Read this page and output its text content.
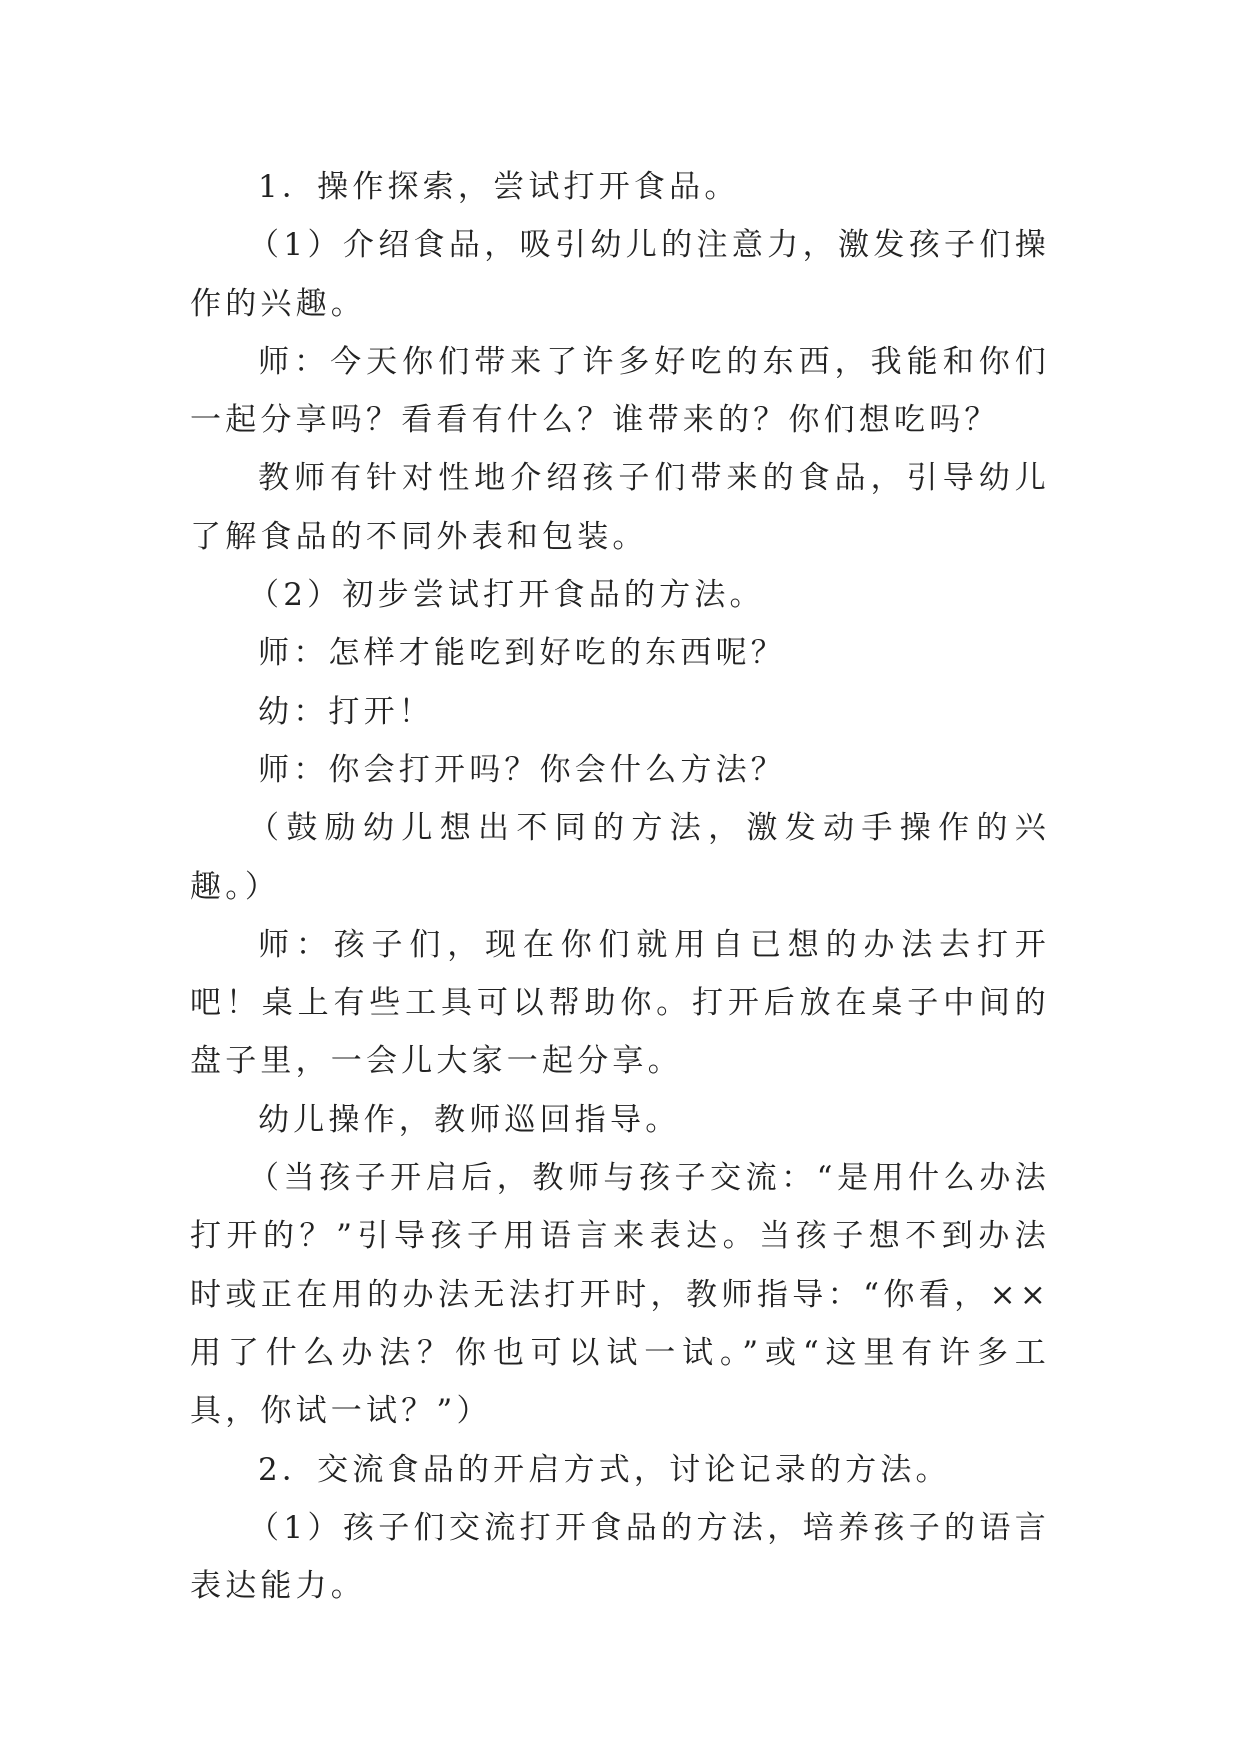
1．操作探索，尝试打开食品。

（1）介绍食品，吸引幼儿的注意力，激发孩子们操作的兴趣。

师：今天你们带来了许多好吃的东西，我能和你们一起分享吗？看看有什么？谁带来的？你们想吃吗？

教师有针对性地介绍孩子们带来的食品，引导幼儿了解食品的不同外表和包装。

（2）初步尝试打开食品的方法。

师：怎样才能吃到好吃的东西呢？

幼：打开！

师：你会打开吗？你会什么方法？

（鼓励幼儿想出不同的方法，激发动手操作的兴趣。）

师：孩子们，现在你们就用自已想的办法去打开吧！桌上有些工具可以帮助你。打开后放在桌子中间的盘子里，一会儿大家一起分享。

幼儿操作，教师巡回指导。

（当孩子开启后，教师与孩子交流：“是用什么办法打开的？”引导孩子用语言来表达。当孩子想不到办法时或正在用的办法无法打开时，教师指导：“你看，××用了什么办法？你也可以试一试。”或“这里有许多工具，你试一试？”）

2．交流食品的开启方式，讨论记录的方法。

（1）孩子们交流打开食品的方法，培养孩子的语言表达能力。
